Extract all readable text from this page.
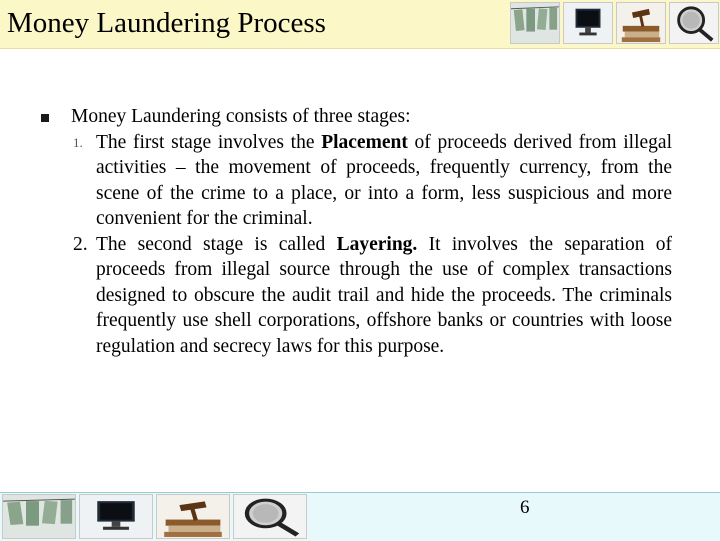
Money Laundering Process
Money Laundering consists of three stages:
1. The first stage involves the Placement of proceeds derived from illegal activities – the movement of proceeds, frequently currency, from the scene of the crime to a place, or into a form, less suspicious and more convenient for the criminal.
2. The second stage is called Layering. It involves the separation of proceeds from illegal source through the use of complex transactions designed to obscure the audit trail and hide the proceeds. The criminals frequently use shell corporations, offshore banks or countries with loose regulation and secrecy laws for this purpose.
6
